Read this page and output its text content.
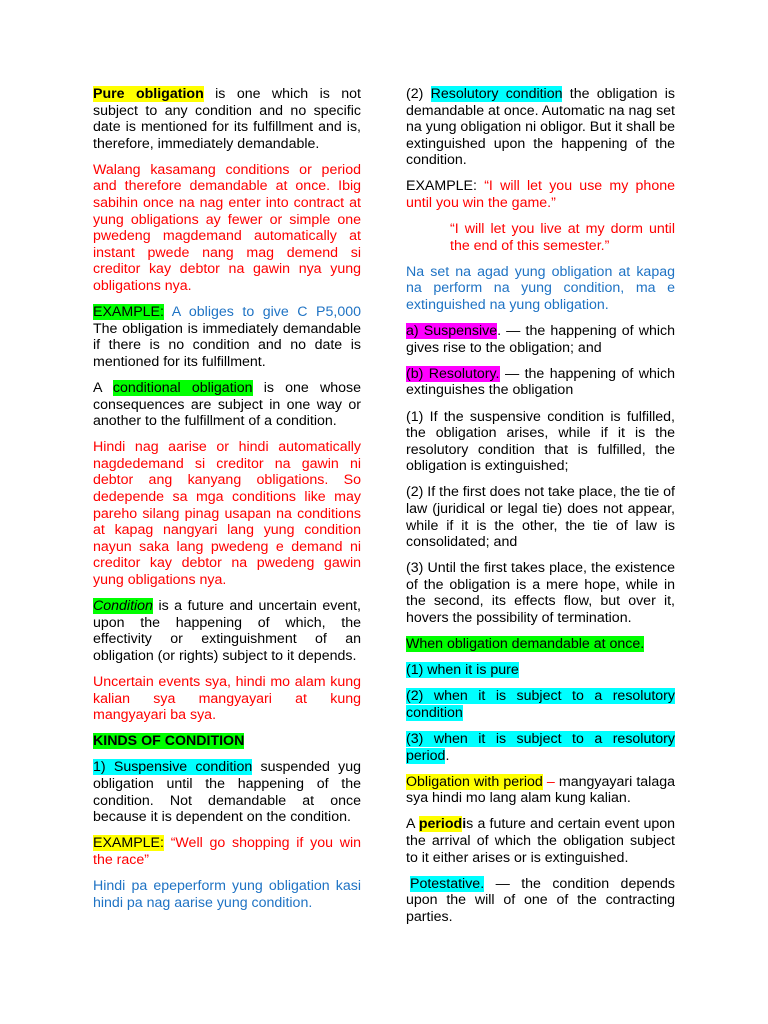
Pure obligation is one which is not subject to any condition and no specific date is mentioned for its fulfillment and is, therefore, immediately demandable.

Walang kasamang conditions or period and therefore demandable at once. Ibig sabihin once na nag enter into contract at yung obligations ay fewer or simple one pwedeng magdemand automatically at instant pwede nang mag demend si creditor kay debtor na gawin nya yung obligations nya.

EXAMPLE: A obliges to give C P5,000 The obligation is immediately demandable if there is no condition and no date is mentioned for its fulfillment.

A conditional obligation is one whose consequences are subject in one way or another to the fulfillment of a condition.

Hindi nag aarise or hindi automatically nagdedemand si creditor na gawin ni debtor ang kanyang obligations. So dedepende sa mga conditions like may pareho silang pinag usapan na conditions at kapag nangyari lang yung condition nayun saka lang pwedeng e demand ni creditor kay debtor na pwedeng gawin yung obligations nya.

Condition is a future and uncertain event, upon the happening of which, the effectivity or extinguishment of an obligation (or rights) subject to it depends.

Uncertain events sya, hindi mo alam kung kalian sya mangyayari at kung mangyayari ba sya.

KINDS OF CONDITION

1) Suspensive condition suspended yug obligation until the happening of the condition. Not demandable at once because it is dependent on the condition.

EXAMPLE: “Well go shopping if you win the race”

Hindi pa epeperform yung obligation kasi hindi pa nag aarise yung condition.

(2) Resolutory condition the obligation is demandable at once. Automatic na nag set na yung obligation ni obligor. But it shall be extinguished upon the happening of the condition.

EXAMPLE: “I will let you use my phone until you win the game.”

“I will let you live at my dorm until the end of this semester.”

Na set na agad yung obligation at kapag na perform na yung condition, ma e extinguished na yung obligation.

a) Suspensive. — the happening of which gives rise to the obligation; and

(b) Resolutory. — the happening of which extinguishes the obligation

(1) If the suspensive condition is fulfilled, the obligation arises, while if it is the resolutory condition that is fulfilled, the obligation is extinguished;

(2) If the first does not take place, the tie of law (juridical or legal tie) does not appear, while if it is the other, the tie of law is consolidated; and

(3) Until the first takes place, the existence of the obligation is a mere hope, while in the second, its effects flow, but over it, hovers the possibility of termination.

When obligation demandable at once.

(1) when it is pure

(2) when it is subject to a resolutory condition

(3) when it is subject to a resolutory period.

Obligation with period – mangyayari talaga sya hindi mo lang alam kung kalian.

A periodis a future and certain event upon the arrival of which the obligation subject to it either arises or is extinguished.

Potestative. — the condition depends upon the will of one of the contracting parties.
